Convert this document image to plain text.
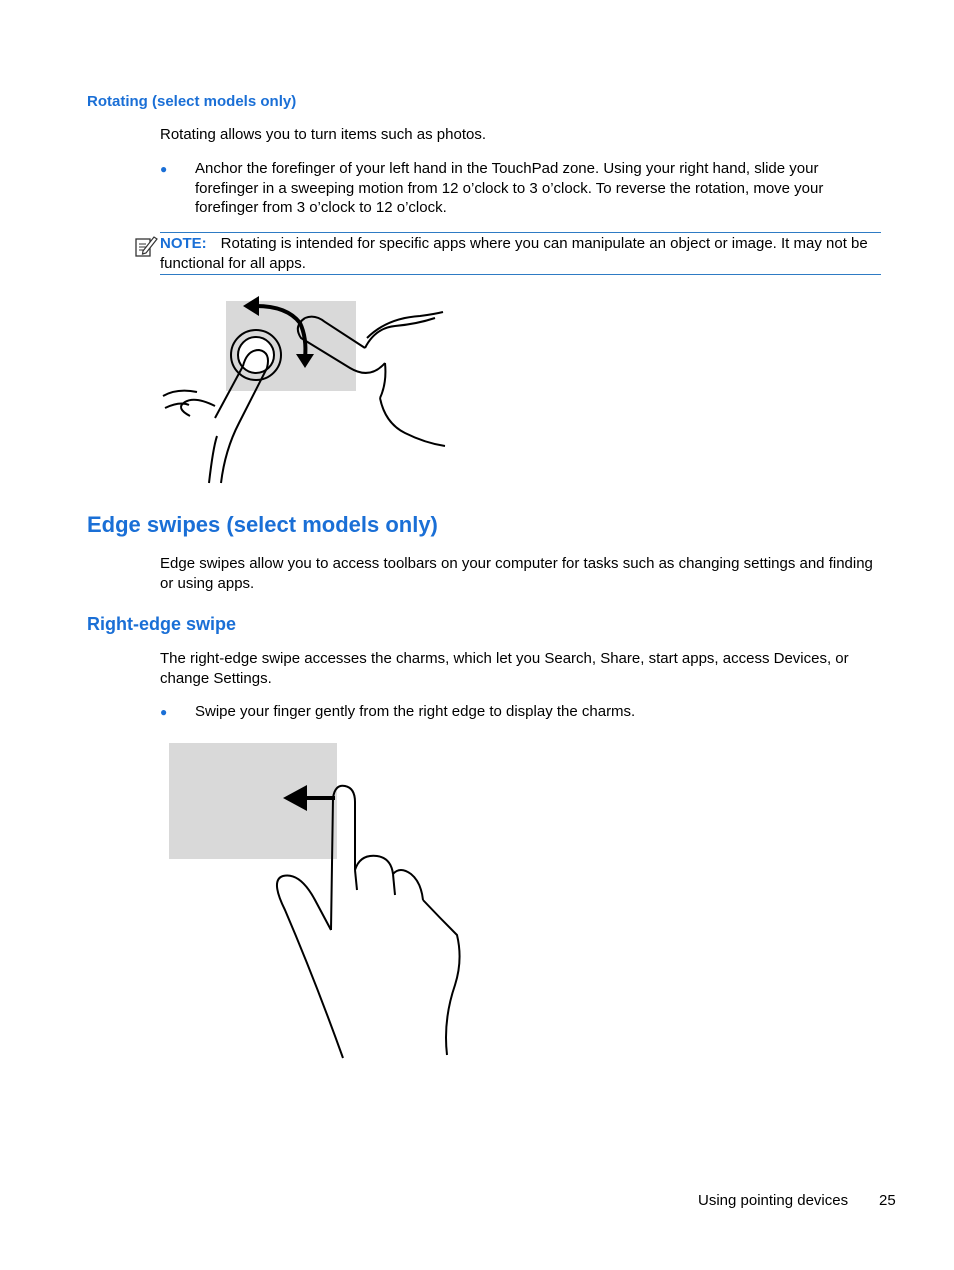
Rotating (select models only)
Rotating allows you to turn items such as photos.
● Anchor the forefinger of your left hand in the TouchPad zone. Using your right hand, slide your forefinger in a sweeping motion from 12 o’clock to 3 o’clock. To reverse the rotation, move your forefinger from 3 o’clock to 12 o’clock.
NOTE: Rotating is intended for specific apps where you can manipulate an object or image. It may not be functional for all apps.
Edge swipes (select models only)
Edge swipes allow you to access toolbars on your computer for tasks such as changing settings and finding or using apps.
Right-edge swipe
The right-edge swipe accesses the charms, which let you Search, Share, start apps, access Devices, or change Settings.
● Swipe your finger gently from the right edge to display the charms.
Using pointing devices 25
